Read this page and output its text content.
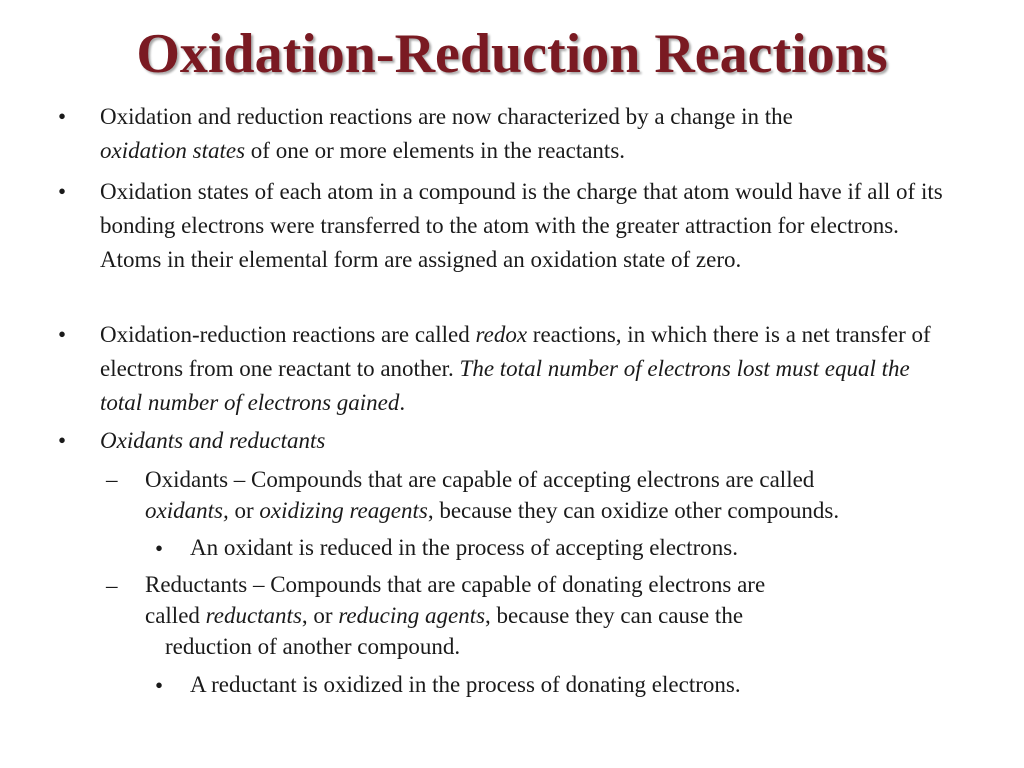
Oxidation-Reduction Reactions
• Oxidation and reduction reactions are now characterized by a change in the
oxidation states of one or more elements in the reactants.

• Oxidation states of each atom in a compound is the charge that atom would have if all of its bonding electrons were transferred to the atom with the greater attraction for electrons. Atoms in their elemental form are assigned an oxidation state of zero.

• Oxidation-reduction reactions are called redox reactions, in which there is a net transfer of electrons from one reactant to another. The total number of electrons lost must equal the total number of electrons gained.

• Oxidants and reductants

– Oxidants – Compounds that are capable of accepting electrons are called
oxidants, or oxidizing reagents, because they can oxidize other compounds.

• An oxidant is reduced in the process of accepting electrons.

– Reductants – Compounds that are capable of donating electrons are
called reductants, or reducing agents, because they can cause the
reduction of another compound.

• A reductant is oxidized in the process of donating electrons.
